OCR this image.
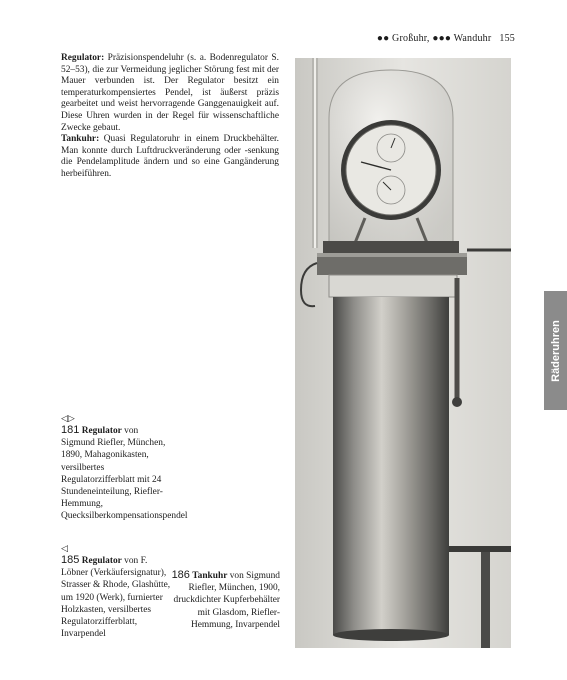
●● Großuhr, ●●● Wanduhr 155

Regulator: Präzisionspendeluhr (s. a. Bodenregulator S. 52–53), die zur Vermeidung jeglicher Störung fest mit der Mauer verbunden ist. Der Regulator besitzt ein temperaturkompensiertes Pendel, ist äußerst präzis gearbeitet und weist hervorragende Ganggenauigkeit auf. Diese Uhren wurden in der Regel für wissenschaftliche Zwecke gebaut.

Tankuhr: Quasi Regulatoruhr in einem Druckbehälter. Man konnte durch Luftdruckveränderung oder -senkung die Pendelamplitude ändern und so eine Gangänderung herbeiführen.

◁▷
181 Regulator von Sigmund Riefler, München, 1890, Mahagonikasten, versilbertes Regulatorzifferblatt mit 24 Stundeneinteilung, Riefler-Hemmung, Quecksilberkompensationspendel
◁
185 Regulator von F. Löbner (Verkäufersignatur), Strasser & Rhode, Glashütte, um 1920 (Werk), furnierter Holzkasten, versilbertes Regulatorzifferblatt, Invarpendel
186 Tankuhr von Sigmund Riefler, München, 1900, druckdichter Kupferbehälter mit Glasdom, Riefler-Hemmung, Invarpendel
Räderuhren
